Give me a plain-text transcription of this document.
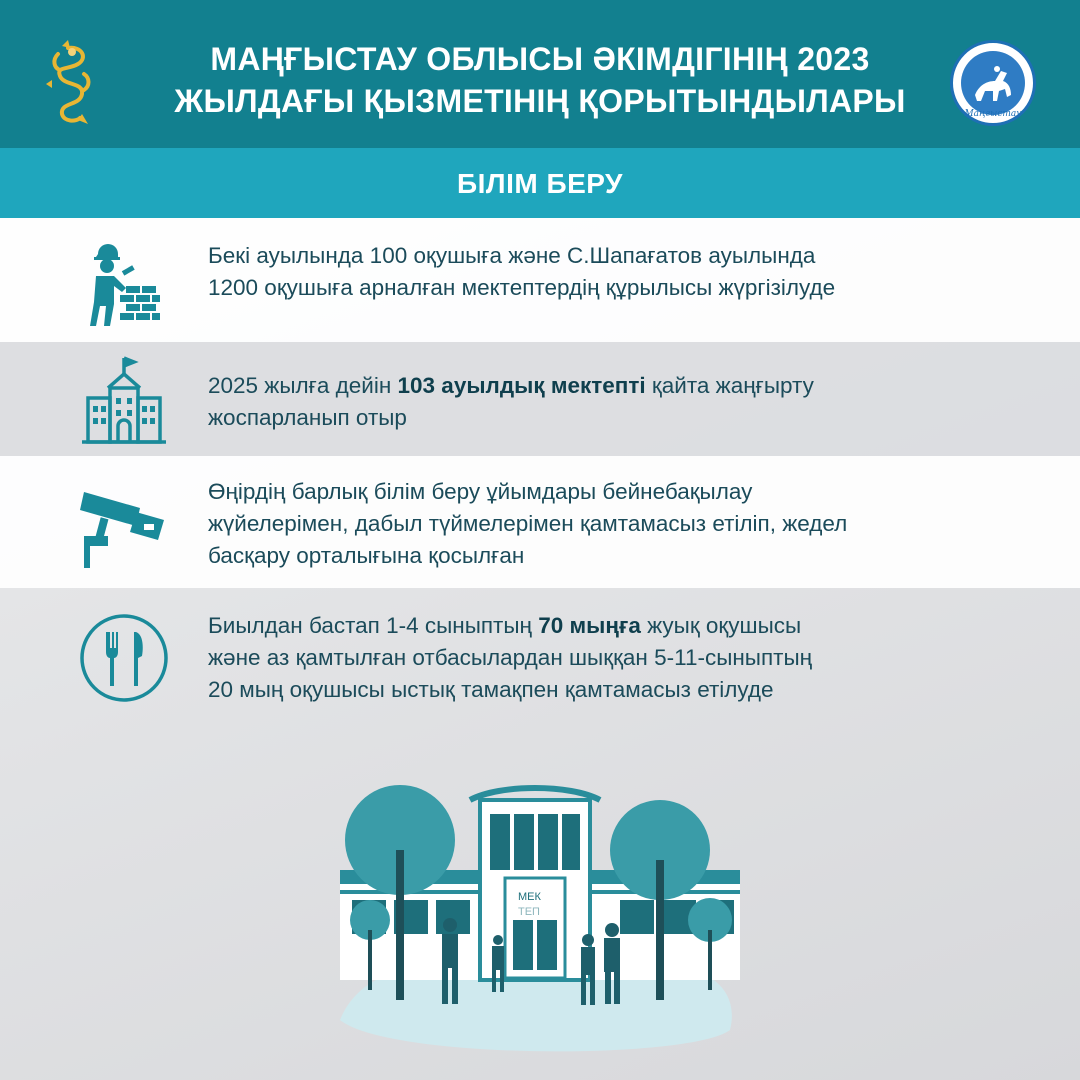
МАҢҒЫСТАУ ОБЛЫСЫ ӘКІМДІГІНІҢ 2023
ЖЫЛДАҒЫ ҚЫЗМЕТІНІҢ ҚОРЫТЫНДЫЛАРЫ	Маңғыстау
БІЛІМ БЕРУ
Бекі ауылында 100 оқушыға және С.Шапағатов ауылында
1200 оқушыға арналған мектептердің құрылысы жүргізілуде
2025 жылға дейін 103 ауылдық мектепті қайта жаңғырту
жоспарланып отыр
Өңірдің барлық білім беру ұйымдары бейнебақылау
жүйелерімен, дабыл түймелерімен қамтамасыз етіліп, жедел
басқару орталығына қосылған
Биылдан бастап 1-4 сыныптың 70 мыңға жуық оқушысы
және аз қамтылған отбасылардан шыққан 5-11-сыныптың
20 мың оқушысы ыстық тамақпен қамтамасыз етілуде
МЕК
ТЕП
